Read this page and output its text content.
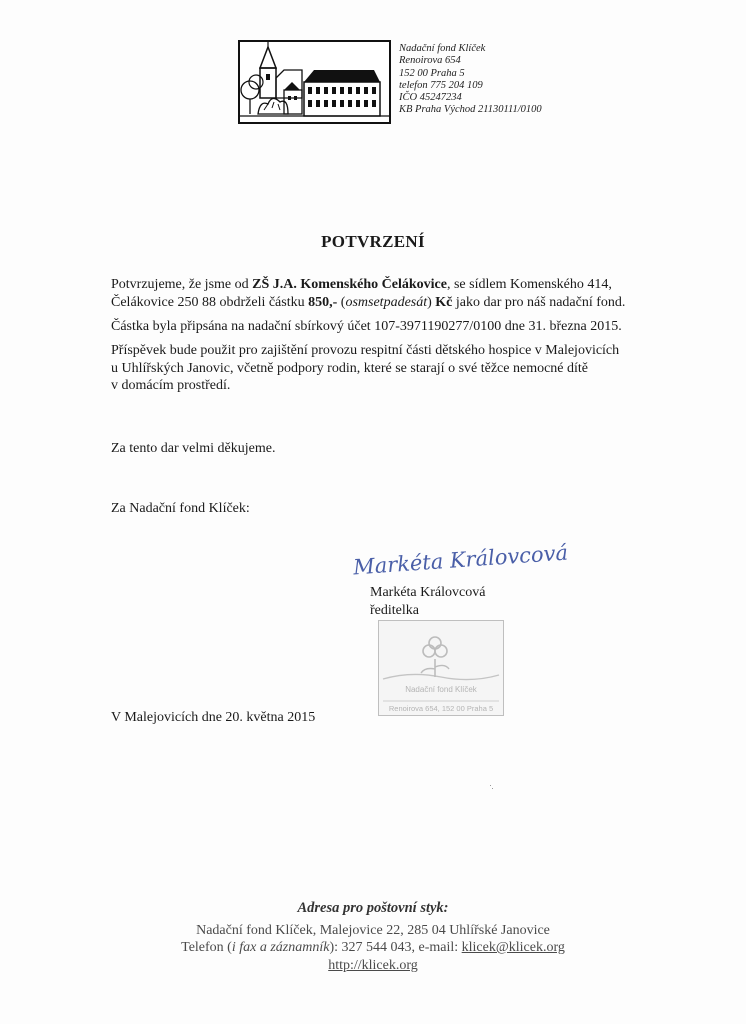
Nadační fond Klíček
Renoirova 654
152 00 Praha 5
telefon 775 204 109
IČO 45247234
KB Praha Východ 21130111/0100
POTVRZENÍ
Potvrzujeme, že jsme od ZŠ J.A. Komenského Čelákovice, se sídlem Komenského 414,
Čelákovice 250 88 obdrželi částku 850,- (osmsetpadesát) Kč jako dar pro náš nadační fond.
Částka byla připsána na nadační sbírkový účet 107-3971190277/0100 dne 31. března 2015.
Příspěvek bude použit pro zajištění provozu respitní části dětského hospice v Malejovicích
u Uhlířských Janovic, včetně podpory rodin, které se starají o své těžce nemocné dítě
v domácím prostředí.
Za tento dar velmi děkujeme.
Za Nadační fond Klíček:
Markéta Královcová
Markéta Královcová
ředitelka
Nadační fond Klíček
Renoirova 654, 152 00 Praha 5
V Malejovicích dne 20. května 2015
Adresa pro poštovní styk:
Nadační fond Klíček, Malejovice 22, 285 04 Uhlířské Janovice
Telefon (i fax a záznamník): 327 544 043, e-mail: klicek@klicek.org
http://klicek.org
